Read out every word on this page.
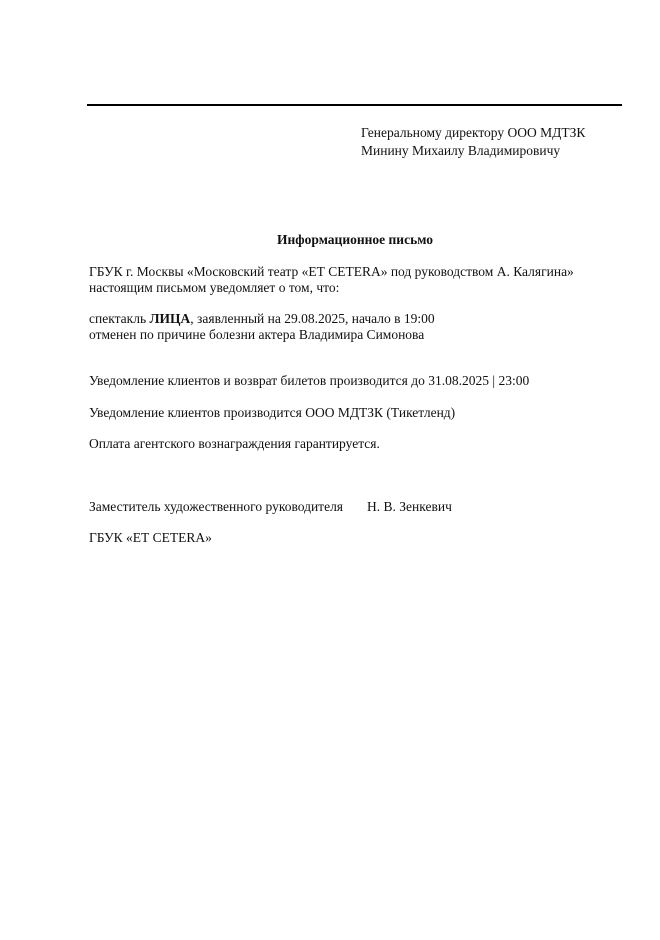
Генеральному директору ООО МДТЗК
Минину Михаилу Владимировичу
Информационное письмо
ГБУК г. Москвы «Московский театр «ЕТ CETERA» под руководством А. Калягина»
настоящим письмом уведомляет о том, что:
спектакль ЛИЦА, заявленный на 29.08.2025, начало в 19:00
отменен по причине болезни актера Владимира Симонова
Уведомление клиентов и возврат билетов производится до 31.08.2025 | 23:00
Уведомление клиентов производится ООО МДТЗК (Тикетленд)
Оплата агентского вознаграждения гарантируется.
Заместитель художественного руководителя Н. В. Зенкевич
ГБУК «ЕТ CETERA»
